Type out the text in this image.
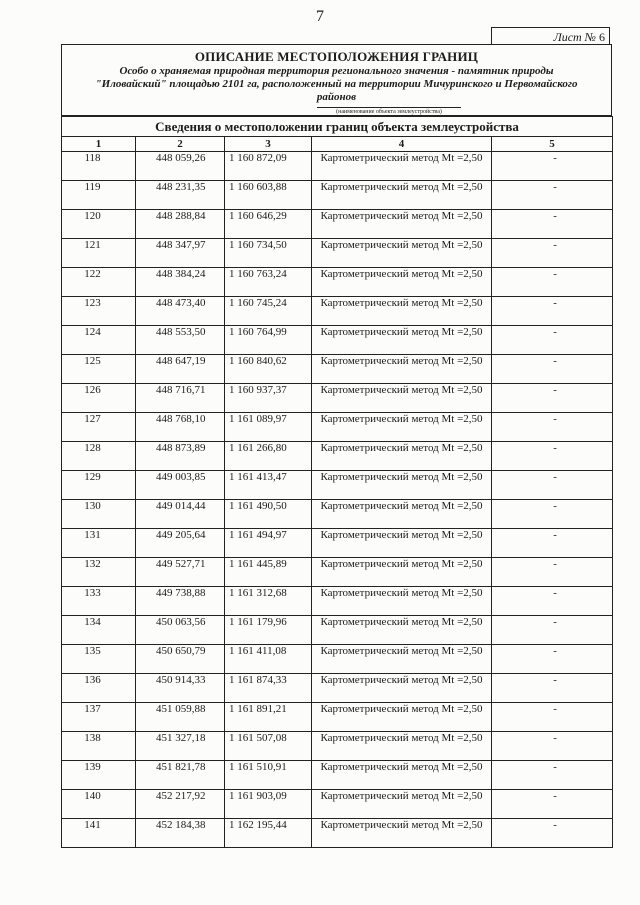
7
Лист № 6
ОПИСАНИЕ МЕСТОПОЛОЖЕНИЯ ГРАНИЦ
Особо о храняемая природная территория регионального значения - памятник природы "Иловайский" площадью 2101 га, расположенный на территории Мичуринского и Первомайского районов
(наименование объекта землеустройства)
Сведения о местоположении границ объекта землеустройства				
1	2	3	4	5
118	448 059,26	1 160 872,09	Картометрический метод Mt =2,50	-
119	448 231,35	1 160 603,88	Картометрический метод Mt =2,50	-
120	448 288,84	1 160 646,29	Картометрический метод Mt =2,50	-
121	448 347,97	1 160 734,50	Картометрический метод Mt =2,50	-
122	448 384,24	1 160 763,24	Картометрический метод Mt =2,50	-
123	448 473,40	1 160 745,24	Картометрический метод Mt =2,50	-
124	448 553,50	1 160 764,99	Картометрический метод Mt =2,50	-
125	448 647,19	1 160 840,62	Картометрический метод Mt =2,50	-
126	448 716,71	1 160 937,37	Картометрический метод Mt =2,50	-
127	448 768,10	1 161 089,97	Картометрический метод Mt =2,50	-
128	448 873,89	1 161 266,80	Картометрический метод Mt =2,50	-
129	449 003,85	1 161 413,47	Картометрический метод Mt =2,50	-
130	449 014,44	1 161 490,50	Картометрический метод Mt =2,50	-
131	449 205,64	1 161 494,97	Картометрический метод Mt =2,50	-
132	449 527,71	1 161 445,89	Картометрический метод Mt =2,50	-
133	449 738,88	1 161 312,68	Картометрический метод Mt =2,50	-
134	450 063,56	1 161 179,96	Картометрический метод Mt =2,50	-
135	450 650,79	1 161 411,08	Картометрический метод Mt =2,50	-
136	450 914,33	1 161 874,33	Картометрический метод Mt =2,50	-
137	451 059,88	1 161 891,21	Картометрический метод Mt =2,50	-
138	451 327,18	1 161 507,08	Картометрический метод Mt =2,50	-
139	451 821,78	1 161 510,91	Картометрический метод Mt =2,50	-
140	452 217,92	1 161 903,09	Картометрический метод Mt =2,50	-
141	452 184,38	1 162 195,44	Картометрический метод Mt =2,50	-
